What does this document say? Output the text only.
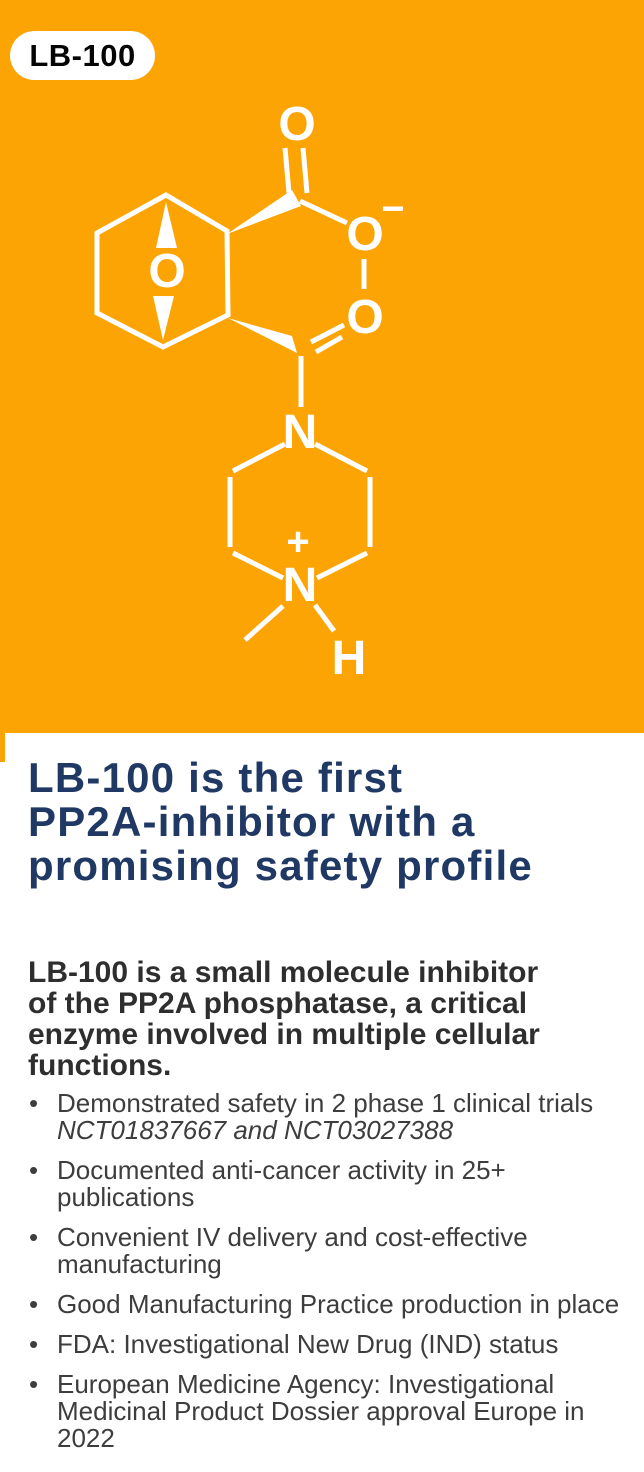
O
O
O
−
O
N
+
N
H
LB-100
LB-100 is the first
PP2A-inhibitor with a
promising safety profile
LB-100 is a small molecule inhibitor
of the PP2A phosphatase, a critical
enzyme involved in multiple cellular
functions.
• Demonstrated safety in 2 phase 1 clinical trials
NCT01837667 and NCT03027388
• Documented anti-cancer activity in 25+
publications
• Convenient IV delivery and cost-effective
manufacturing
• Good Manufacturing Practice production in place
• FDA: Investigational New Drug (IND) status
• European Medicine Agency: Investigational
Medicinal Product Dossier approval Europe in
2022
